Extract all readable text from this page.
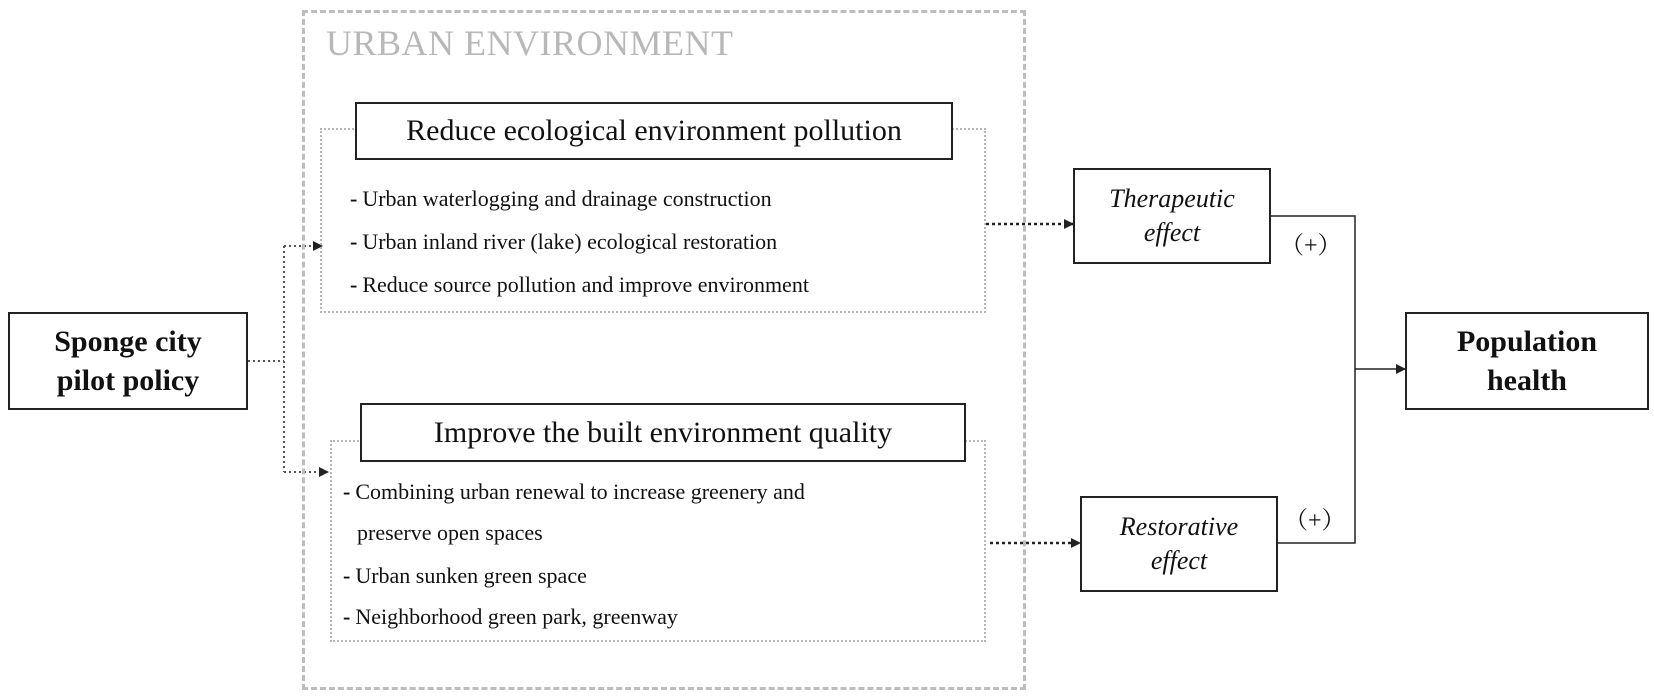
URBAN ENVIRONMENT
Reduce ecological environment pollution
- Urban waterlogging and drainage construction
- Urban inland river (lake) ecological restoration
- Reduce source pollution and improve environment
Improve the built environment quality
- Combining urban renewal to increase greenery and
preserve open spaces
- Urban sunken green space
- Neighborhood green park, greenway
Sponge city
pilot policy
Therapeutic
effect
Restorative
effect
Population
health
（+）
（+）
